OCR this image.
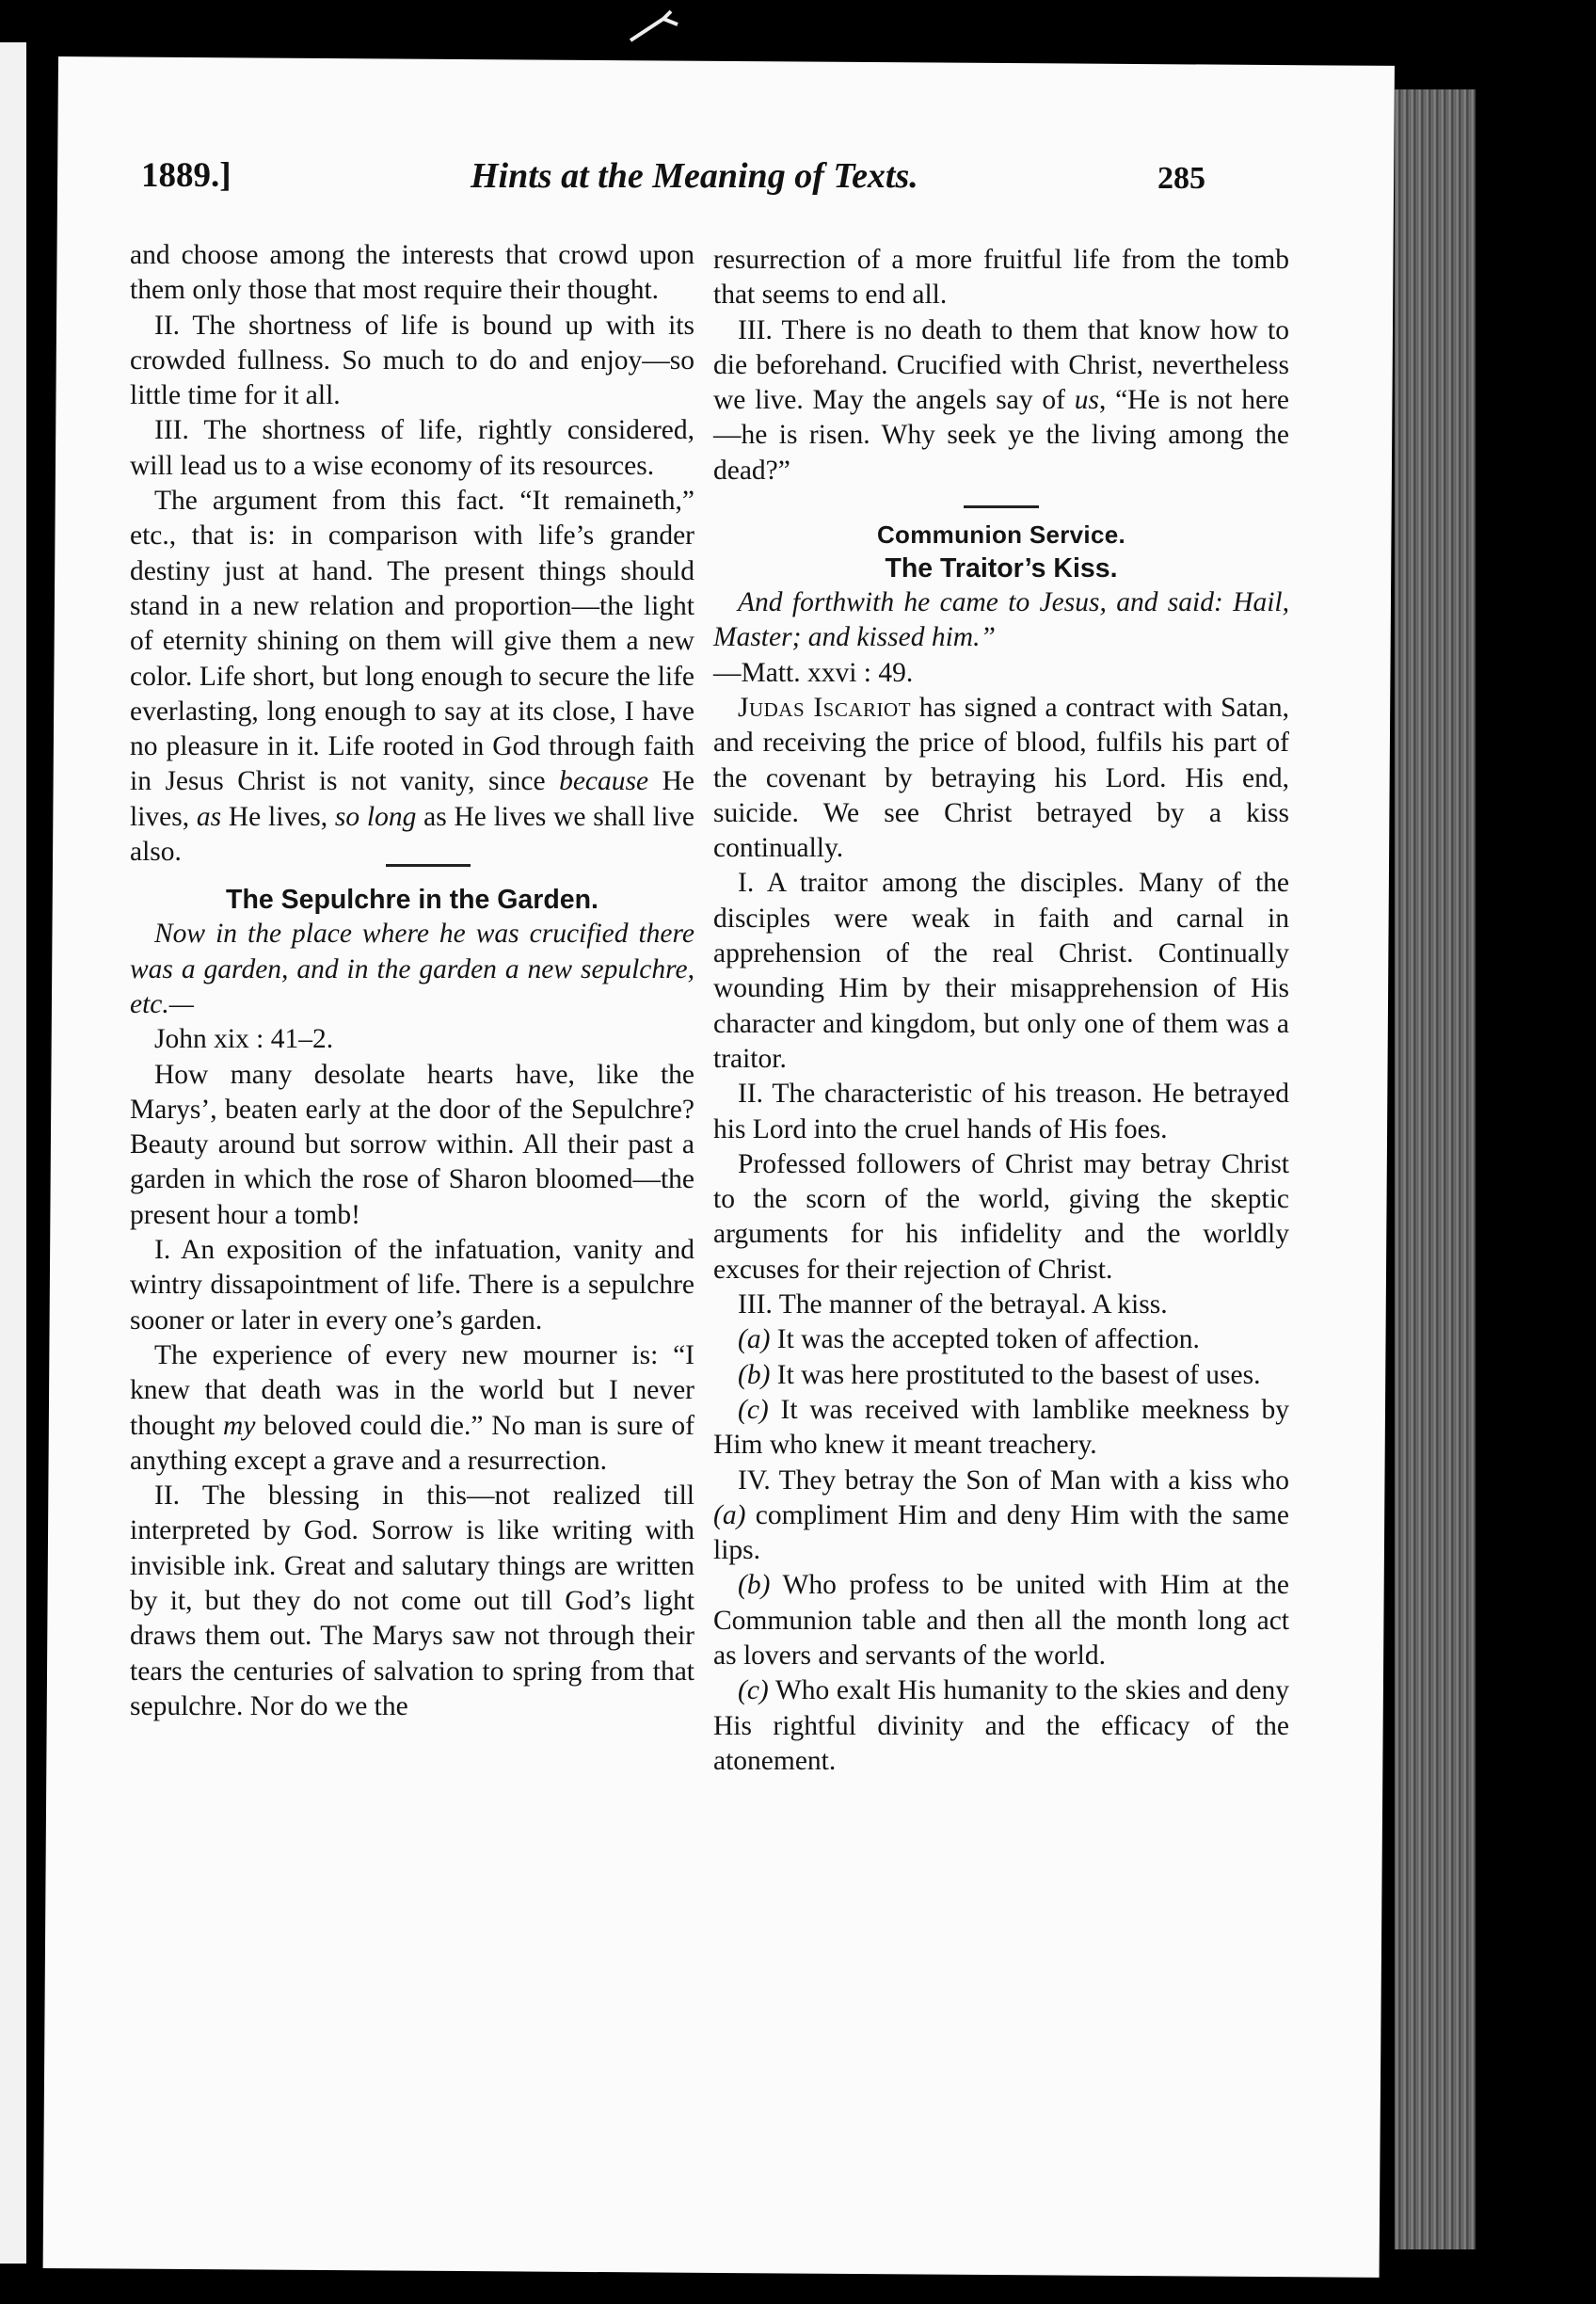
1889.]	Hints at the Meaning of Texts.	285

and choose among the interests that crowd upon them only those that most require their thought.

II. The shortness of life is bound up with its crowded fullness. So much to do and enjoy—so little time for it all.

III. The shortness of life, rightly considered, will lead us to a wise economy of its resources.

The argument from this fact. “It remaineth,” etc., that is: in comparison with life’s grander destiny just at hand. The present things should stand in a new relation and proportion—the light of eternity shining on them will give them a new color. Life short, but long enough to secure the life everlasting, long enough to say at its close, I have no pleasure in it. Life rooted in God through faith in Jesus Christ is not vanity, since because He lives, as He lives, so long as He lives we shall live also.

The Sepulchre in the Garden.

Now in the place where he was crucified there was a garden, and in the garden a new sepulchre, etc.—

John xix : 41–2.

How many desolate hearts have, like the Marys’, beaten early at the door of the Sepulchre? Beauty around but sorrow within. All their past a garden in which the rose of Sharon bloomed—the present hour a tomb!

I. An exposition of the infatuation, vanity and wintry dissapointment of life. There is a sepulchre sooner or later in every one’s garden.

The experience of every new mourner is: “I knew that death was in the world but I never thought my beloved could die.” No man is sure of anything except a grave and a resurrection.

II. The blessing in this—not realized till interpreted by God. Sorrow is like writing with invisible ink. Great and salutary things are written by it, but they do not come out till God’s light draws them out. The Marys saw not through their tears the centuries of salvation to spring from that sepulchre. Nor do we the

resurrection of a more fruitful life from the tomb that seems to end all.

III. There is no death to them that know how to die beforehand. Crucified with Christ, nevertheless we live. May the angels say of us, “He is not here—he is risen. Why seek ye the living among the dead?”

Communion Service.

The Traitor’s Kiss.

And forthwith he came to Jesus, and said: Hail, Master; and kissed him.”

—Matt. xxvi : 49.

Judas Iscariot has signed a contract with Satan, and receiving the price of blood, fulfils his part of the covenant by betraying his Lord. His end, suicide. We see Christ betrayed by a kiss continually.

I. A traitor among the disciples. Many of the disciples were weak in faith and carnal in apprehension of the real Christ. Continually wounding Him by their misapprehension of His character and kingdom, but only one of them was a traitor.

II. The characteristic of his treason. He betrayed his Lord into the cruel hands of His foes.

Professed followers of Christ may betray Christ to the scorn of the world, giving the skeptic arguments for his infidelity and the worldly excuses for their rejection of Christ.

III. The manner of the betrayal. A kiss.

(a) It was the accepted token of affection.

(b) It was here prostituted to the basest of uses.

(c) It was received with lamblike meekness by Him who knew it meant treachery.

IV. They betray the Son of Man with a kiss who (a) compliment Him and deny Him with the same lips.

(b) Who profess to be united with Him at the Communion table and then all the month long act as lovers and servants of the world.

(c) Who exalt His humanity to the skies and deny His rightful divinity and the efficacy of the atonement.
